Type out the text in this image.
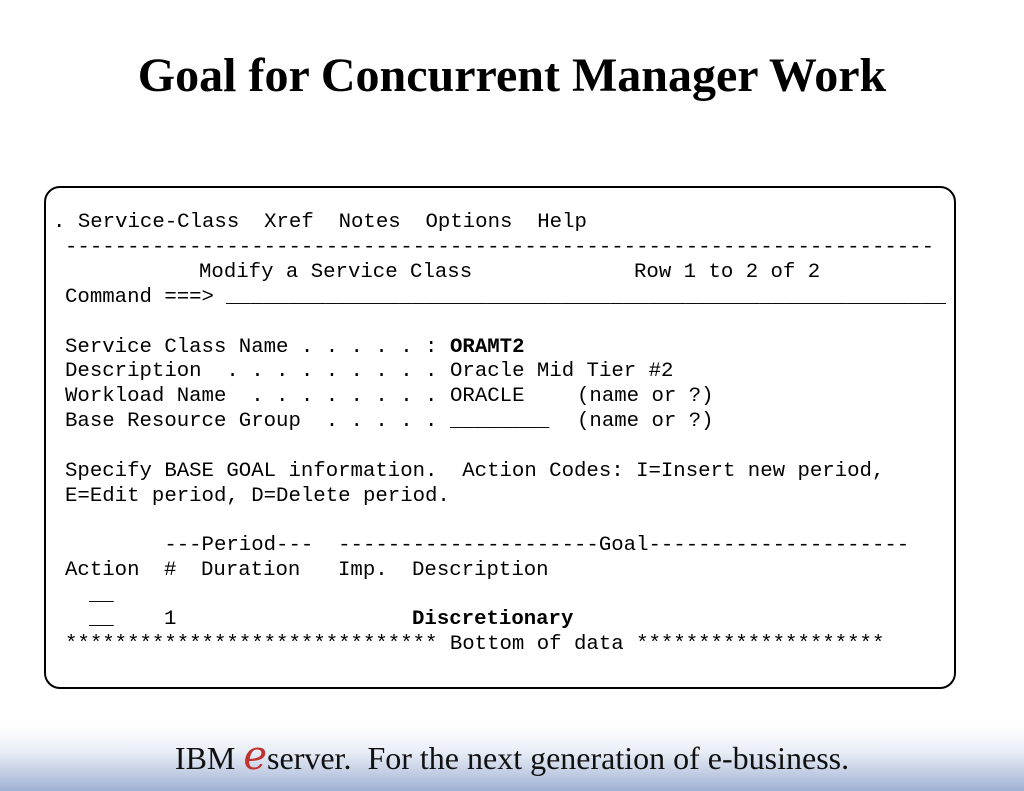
Goal for Concurrent Manager Work
. Service-Class Xref Notes Options Help
----------------------------------------------------------------------
Modify a Service Class	Row 1 to 2 of 2
Command ===> __________________________________________________________
Service Class Name . . . . . : ORAMT2
Description  . . . . . . . . . Oracle Mid Tier #2
Workload Name  . . . . . . . . ORACLE (name or ?)
Base Resource Group  . . . . . ________ (name or ?)
Specify BASE GOAL information.  Action Codes: I=Insert new period,
E=Edit period, D=Delete period.
---Period---  ---------------------Goal---------------------
Action # Duration Imp. Description
__
__ 1	Discretionary
****************************** Bottom of data ********************
IBM eserver.  For the next generation of e-business.
